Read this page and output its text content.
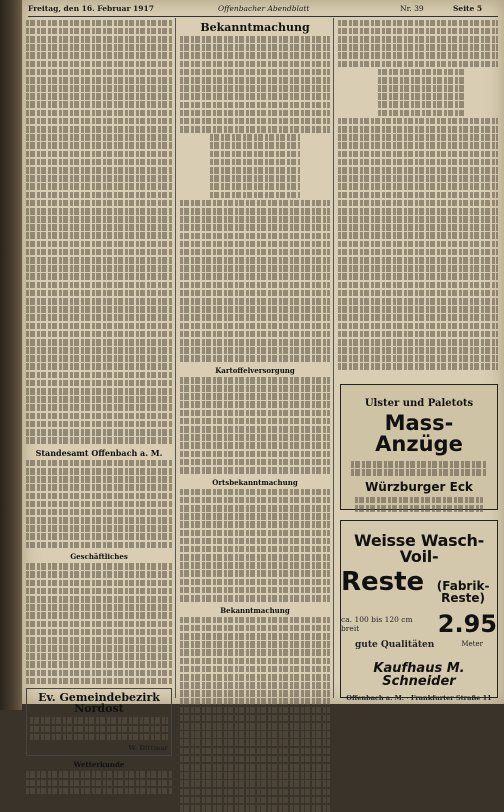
Freitag, den 16. Februar 1917	Offenbacher Abendblatt	Nr. 39	Seite 5
Standesamt Offenbach a. M.
Geschäftliches
Ev. Gemeindebezirk Nordost
W. Dittmar
Wetterkunde
Bekanntmachung
Kartoffelversorgung
Ortsbekanntmachung
Bekanntmachung
Ulster und Paletots
Mass-Anzüge
Würzburger Eck
Weisse Wasch-Voil-
Reste	(Fabrik-Reste)
ca. 100 bis 120 cm breit	2.95
gute Qualitäten	Meter
Kaufhaus M. Schneider
Offenbach a. M. · Frankfurter Straße 11
